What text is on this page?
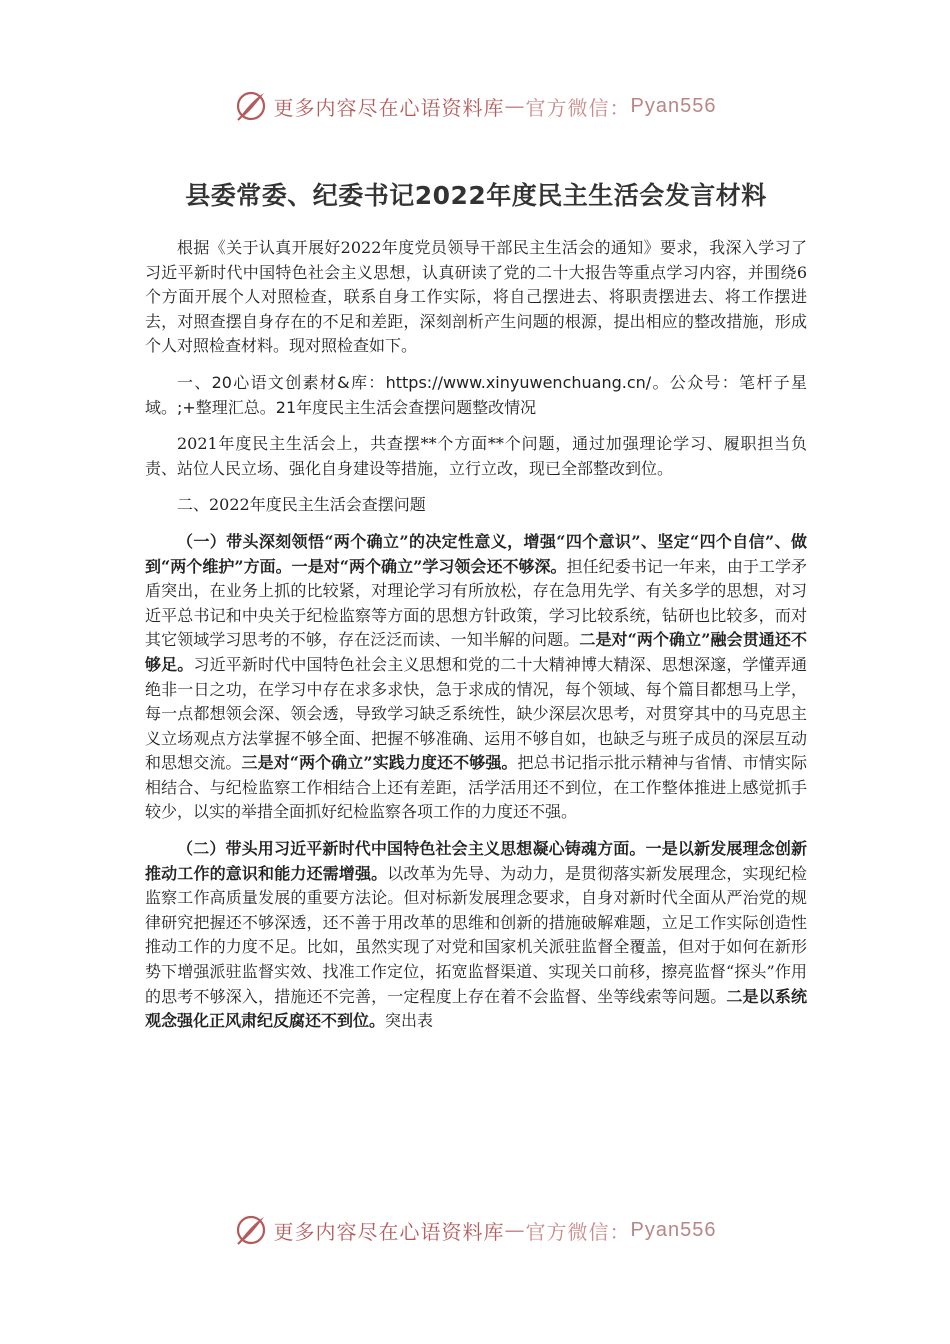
更多内容尽在心语资料库 — 官方微信： Pyan556
县委常委、纪委书记2022年度民主生活会发言材料

根据《关于认真开展好2022年度党员领导干部民主生活会的通知》要求，我深入学习了习近平新时代中国特色社会主义思想，认真研读了党的二十大报告等重点学习内容，并围绕6个方面开展个人对照检查，联系自身工作实际，将自己摆进去、将职责摆进去、将工作摆进去，对照查摆自身存在的不足和差距，深刻剖析产生问题的根源，提出相应的整改措施，形成个人对照检查材料。现对照检查如下。

一、20心语文创素材&库：https://www.xinyuwenchuang.cn/。公众号：笔杆子星域。;+整理汇总。21年度民主生活会查摆问题整改情况

2021年度民主生活会上，共查摆**个方面**个问题，通过加强理论学习、履职担当负责、站位人民立场、强化自身建设等措施，立行立改，现已全部整改到位。

二、2022年度民主生活会查摆问题

（一）带头深刻领悟“两个确立”的决定性意义，增强“四个意识”、坚定“四个自信”、做到“两个维护”方面。一是对“两个确立”学习领会还不够深。担任纪委书记一年来，由于工学矛盾突出，在业务上抓的比较紧，对理论学习有所放松，存在急用先学、有关多学的思想，对习近平总书记和中央关于纪检监察等方面的思想方针政策，学习比较系统，钻研也比较多，而对其它领域学习思考的不够，存在泛泛而读、一知半解的问题。二是对“两个确立”融会贯通还不够足。习近平新时代中国特色社会主义思想和党的二十大精神博大精深、思想深邃，学懂弄通绝非一日之功，在学习中存在求多求快，急于求成的情况，每个领域、每个篇目都想马上学，每一点都想领会深、领会透，导致学习缺乏系统性，缺少深层次思考，对贯穿其中的马克思主义立场观点方法掌握不够全面、把握不够准确、运用不够自如，也缺乏与班子成员的深层互动和思想交流。三是对“两个确立”实践力度还不够强。把总书记指示批示精神与省情、市情实际相结合、与纪检监察工作相结合上还有差距，活学活用还不到位，在工作整体推进上感觉抓手较少，以实的举措全面抓好纪检监察各项工作的力度还不强。

（二）带头用习近平新时代中国特色社会主义思想凝心铸魂方面。一是以新发展理念创新推动工作的意识和能力还需增强。以改革为先导、为动力，是贯彻落实新发展理念，实现纪检监察工作高质量发展的重要方法论。但对标新发展理念要求，自身对新时代全面从严治党的规律研究把握还不够深透，还不善于用改革的思维和创新的措施破解难题，立足工作实际创造性推动工作的力度不足。比如，虽然实现了对党和国家机关派驻监督全覆盖，但对于如何在新形势下增强派驻监督实效、找准工作定位，拓宽监督渠道、实现关口前移，擦亮监督“探头”作用的思考不够深入，措施还不完善，一定程度上存在着不会监督、坐等线索等问题。二是以系统观念强化正风肃纪反腐还不到位。突出表

更多内容尽在心语资料库 — 官方微信： Pyan556
